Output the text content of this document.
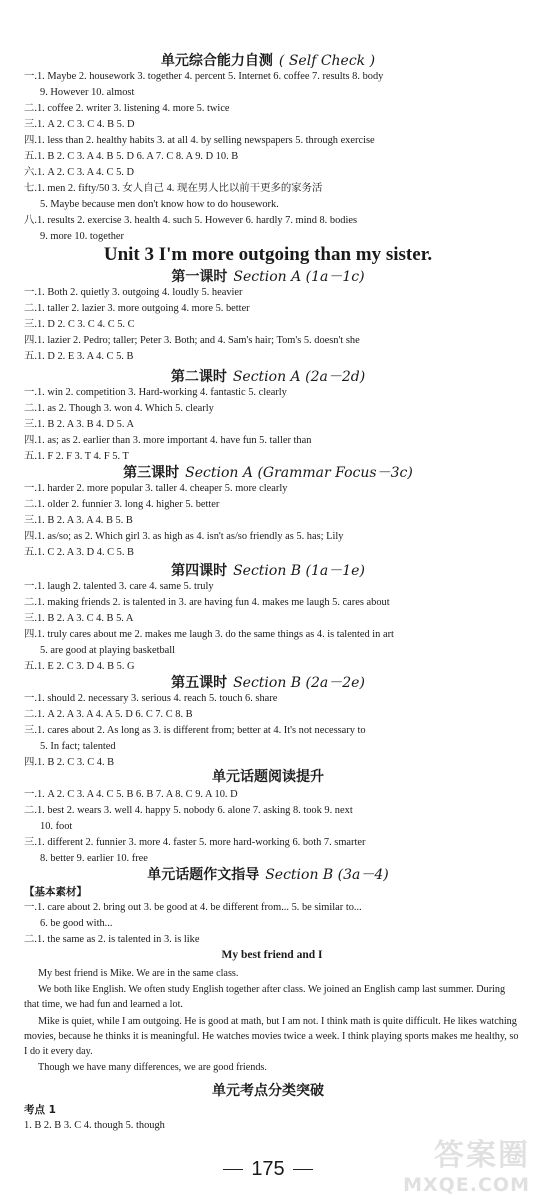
单元综合能力自测 ( Self Check )
一.1. Maybe 2. housework 3. together 4. percent 5. Internet 6. coffee 7. results 8. body
9. However 10. almost
二.1. coffee 2. writer 3. listening 4. more 5. twice
三.1. A 2. C 3. C 4. B 5. D
四.1. less than 2. healthy habits 3. at all 4. by selling newspapers 5. through exercise
五.1. B 2. C 3. A 4. B 5. D 6. A 7. C 8. A 9. D 10. B
六.1. A 2. C 3. A 4. C 5. D
七.1. men 2. fifty/50 3. 女人自己 4. 现在男人比以前干更多的家务活
5. Maybe because men don't know how to do housework.
八.1. results 2. exercise 3. health 4. such 5. However 6. hardly 7. mind 8. bodies
9. more 10. together
Unit 3 I'm more outgoing than my sister.
第一课时 Section A (1a－1c)
一.1. Both 2. quietly 3. outgoing 4. loudly 5. heavier
二.1. taller 2. lazier 3. more outgoing 4. more 5. better
三.1. D 2. C 3. C 4. C 5. C
四.1. lazier 2. Pedro; taller; Peter 3. Both; and 4. Sam's hair; Tom's 5. doesn't she
五.1. D 2. E 3. A 4. C 5. B
第二课时 Section A (2a－2d)
一.1. win 2. competition 3. Hard-working 4. fantastic 5. clearly
二.1. as 2. Though 3. won 4. Which 5. clearly
三.1. B 2. A 3. B 4. D 5. A
四.1. as; as 2. earlier than 3. more important 4. have fun 5. taller than
五.1. F 2. F 3. T 4. F 5. T
第三课时 Section A (Grammar Focus－3c)
一.1. harder 2. more popular 3. taller 4. cheaper 5. more clearly
二.1. older 2. funnier 3. long 4. higher 5. better
三.1. B 2. A 3. A 4. B 5. B
四.1. as/so; as 2. Which girl 3. as high as 4. isn't as/so friendly as 5. has; Lily
五.1. C 2. A 3. D 4. C 5. B
第四课时 Section B (1a－1e)
一.1. laugh 2. talented 3. care 4. same 5. truly
二.1. making friends 2. is talented in 3. are having fun 4. makes me laugh 5. cares about
三.1. B 2. A 3. C 4. B 5. A
四.1. truly cares about me 2. makes me laugh 3. do the same things as 4. is talented in art
5. are good at playing basketball
五.1. E 2. C 3. D 4. B 5. G
第五课时 Section B (2a－2e)
一.1. should 2. necessary 3. serious 4. reach 5. touch 6. share
二.1. A 2. A 3. A 4. A 5. D 6. C 7. C 8. B
三.1. cares about 2. As long as 3. is different from; better at 4. It's not necessary to
5. In fact; talented
四.1. B 2. C 3. C 4. B
单元话题阅读提升
一.1. A 2. C 3. A 4. C 5. B 6. B 7. A 8. C 9. A 10. D
二.1. best 2. wears 3. well 4. happy 5. nobody 6. alone 7. asking 8. took 9. next
10. foot
三.1. different 2. funnier 3. more 4. faster 5. more hard-working 6. both 7. smarter
8. better 9. earlier 10. free
单元话题作文指导 Section B (3a－4)
【基本素材】
一.1. care about 2. bring out 3. be good at 4. be different from... 5. be similar to...
6. be good with...
二.1. the same as 2. is talented in 3. is like
My best friend and I
My best friend is Mike. We are in the same class.
We both like English. We often study English together after class. We joined an English camp last summer. During that time, we had fun and learned a lot.
Mike is quiet, while I am outgoing. He is good at math, but I am not. I think math is quite difficult. He likes watching movies, because he thinks it is meaningful. He watches movies twice a week. I think playing sports makes me healthy, so I do it every day.
Though we have many differences, we are good friends.
单元考点分类突破
考点 1
1. B 2. B 3. C 4. though 5. though
175	答案圈
MXQE.COM
